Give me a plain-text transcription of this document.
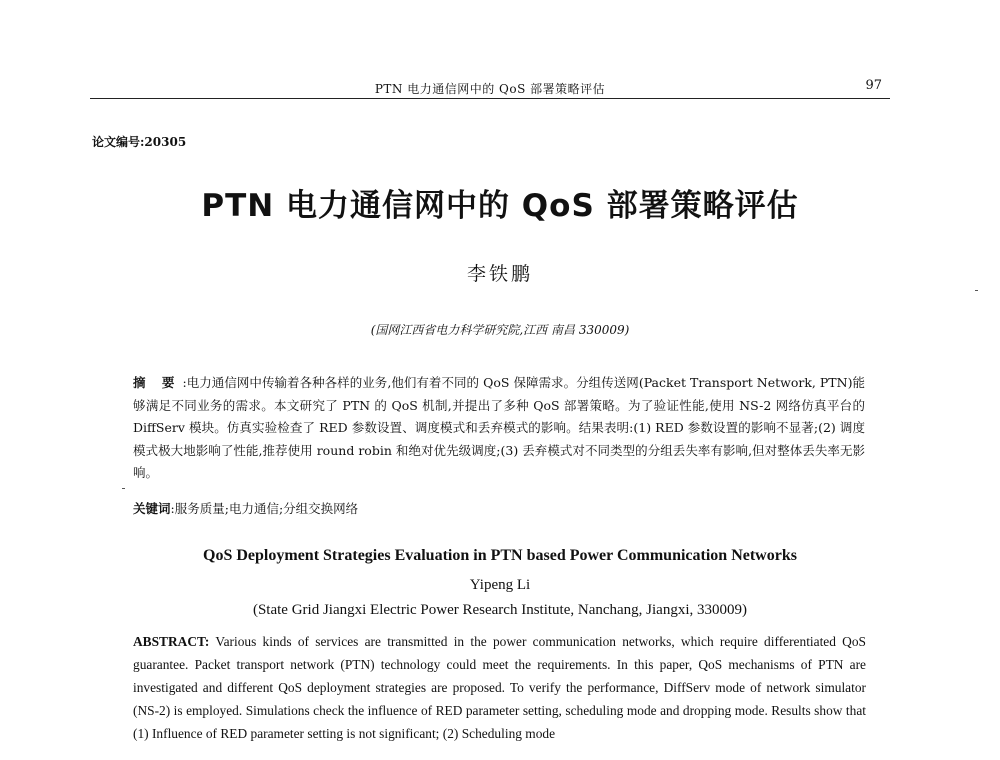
PTN 电力通信网中的 QoS 部署策略评估	97
论文编号:20305
PTN 电力通信网中的 QoS 部署策略评估
李铁鹏
(国网江西省电力科学研究院,江西 南昌 330009)
摘 要 :电力通信网中传输着各种各样的业务,他们有着不同的 QoS 保障需求。分组传送网(Packet Transport Network, PTN)能够满足不同业务的需求。本文研究了 PTN 的 QoS 机制,并提出了多种 QoS 部署策略。为了验证性能,使用 NS-2 网络仿真平台的 DiffServ 模块。仿真实验检查了 RED 参数设置、调度模式和丢弃模式的影响。结果表明:(1) RED 参数设置的影响不显著;(2) 调度模式极大地影响了性能,推荐使用 round robin 和绝对优先级调度;(3) 丢弃模式对不同类型的分组丢失率有影响,但对整体丢失率无影响。
关键词:服务质量;电力通信;分组交换网络
QoS Deployment Strategies Evaluation in PTN based Power Communication Networks
Yipeng Li
(State Grid Jiangxi Electric Power Research Institute, Nanchang, Jiangxi, 330009)
ABSTRACT: Various kinds of services are transmitted in the power communication networks, which require differentiated QoS guarantee. Packet transport network (PTN) technology could meet the requirements. In this paper, QoS mechanisms of PTN are investigated and different QoS deployment strategies are proposed. To verify the performance, DiffServ mode of network simulator (NS-2) is employed. Simulations check the influence of RED parameter setting, scheduling mode and dropping mode. Results show that (1) Influence of RED parameter setting is not significant; (2) Scheduling mode
